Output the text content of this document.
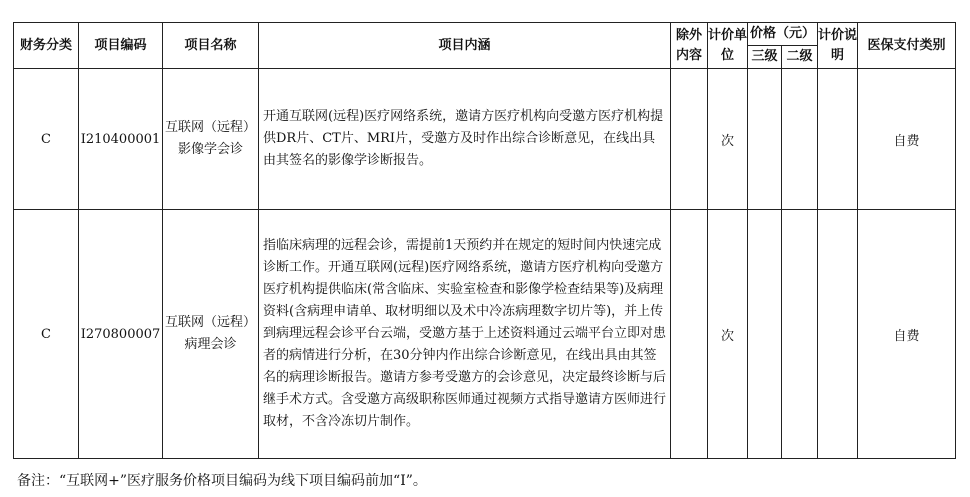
财务分类	项目编码	项目名称	项目内涵	除外内容	计价单位	价格（元）		计价说明	医保支付类别
						三级	二级		
C	I210400001	互联网（远程）影像学会诊	开通互联网(远程)医疗网络系统，邀请方医疗机构向受邀方医疗机构提供DR片、CT片、MRI片，受邀方及时作出综合诊断意见，在线出具由其签名的影像学诊断报告。		次				自费
C	I270800007	互联网（远程）病理会诊	指临床病理的远程会诊，需提前1天预约并在规定的短时间内快速完成诊断工作。开通互联网(远程)医疗网络系统，邀请方医疗机构向受邀方医疗机构提供临床(常含临床、实验室检查和影像学检查结果等)及病理资料(含病理申请单、取材明细以及术中冷冻病理数字切片等)，并上传到病理远程会诊平台云端，受邀方基于上述资料通过云端平台立即对患者的病情进行分析，在30分钟内作出综合诊断意见，在线出具由其签名的病理诊断报告。邀请方参考受邀方的会诊意见，决定最终诊断与后继手术方式。含受邀方高级职称医师通过视频方式指导邀请方医师进行取材，不含冷冻切片制作。		次				自费
备注：“互联网+”医疗服务价格项目编码为线下项目编码前加“I”。
